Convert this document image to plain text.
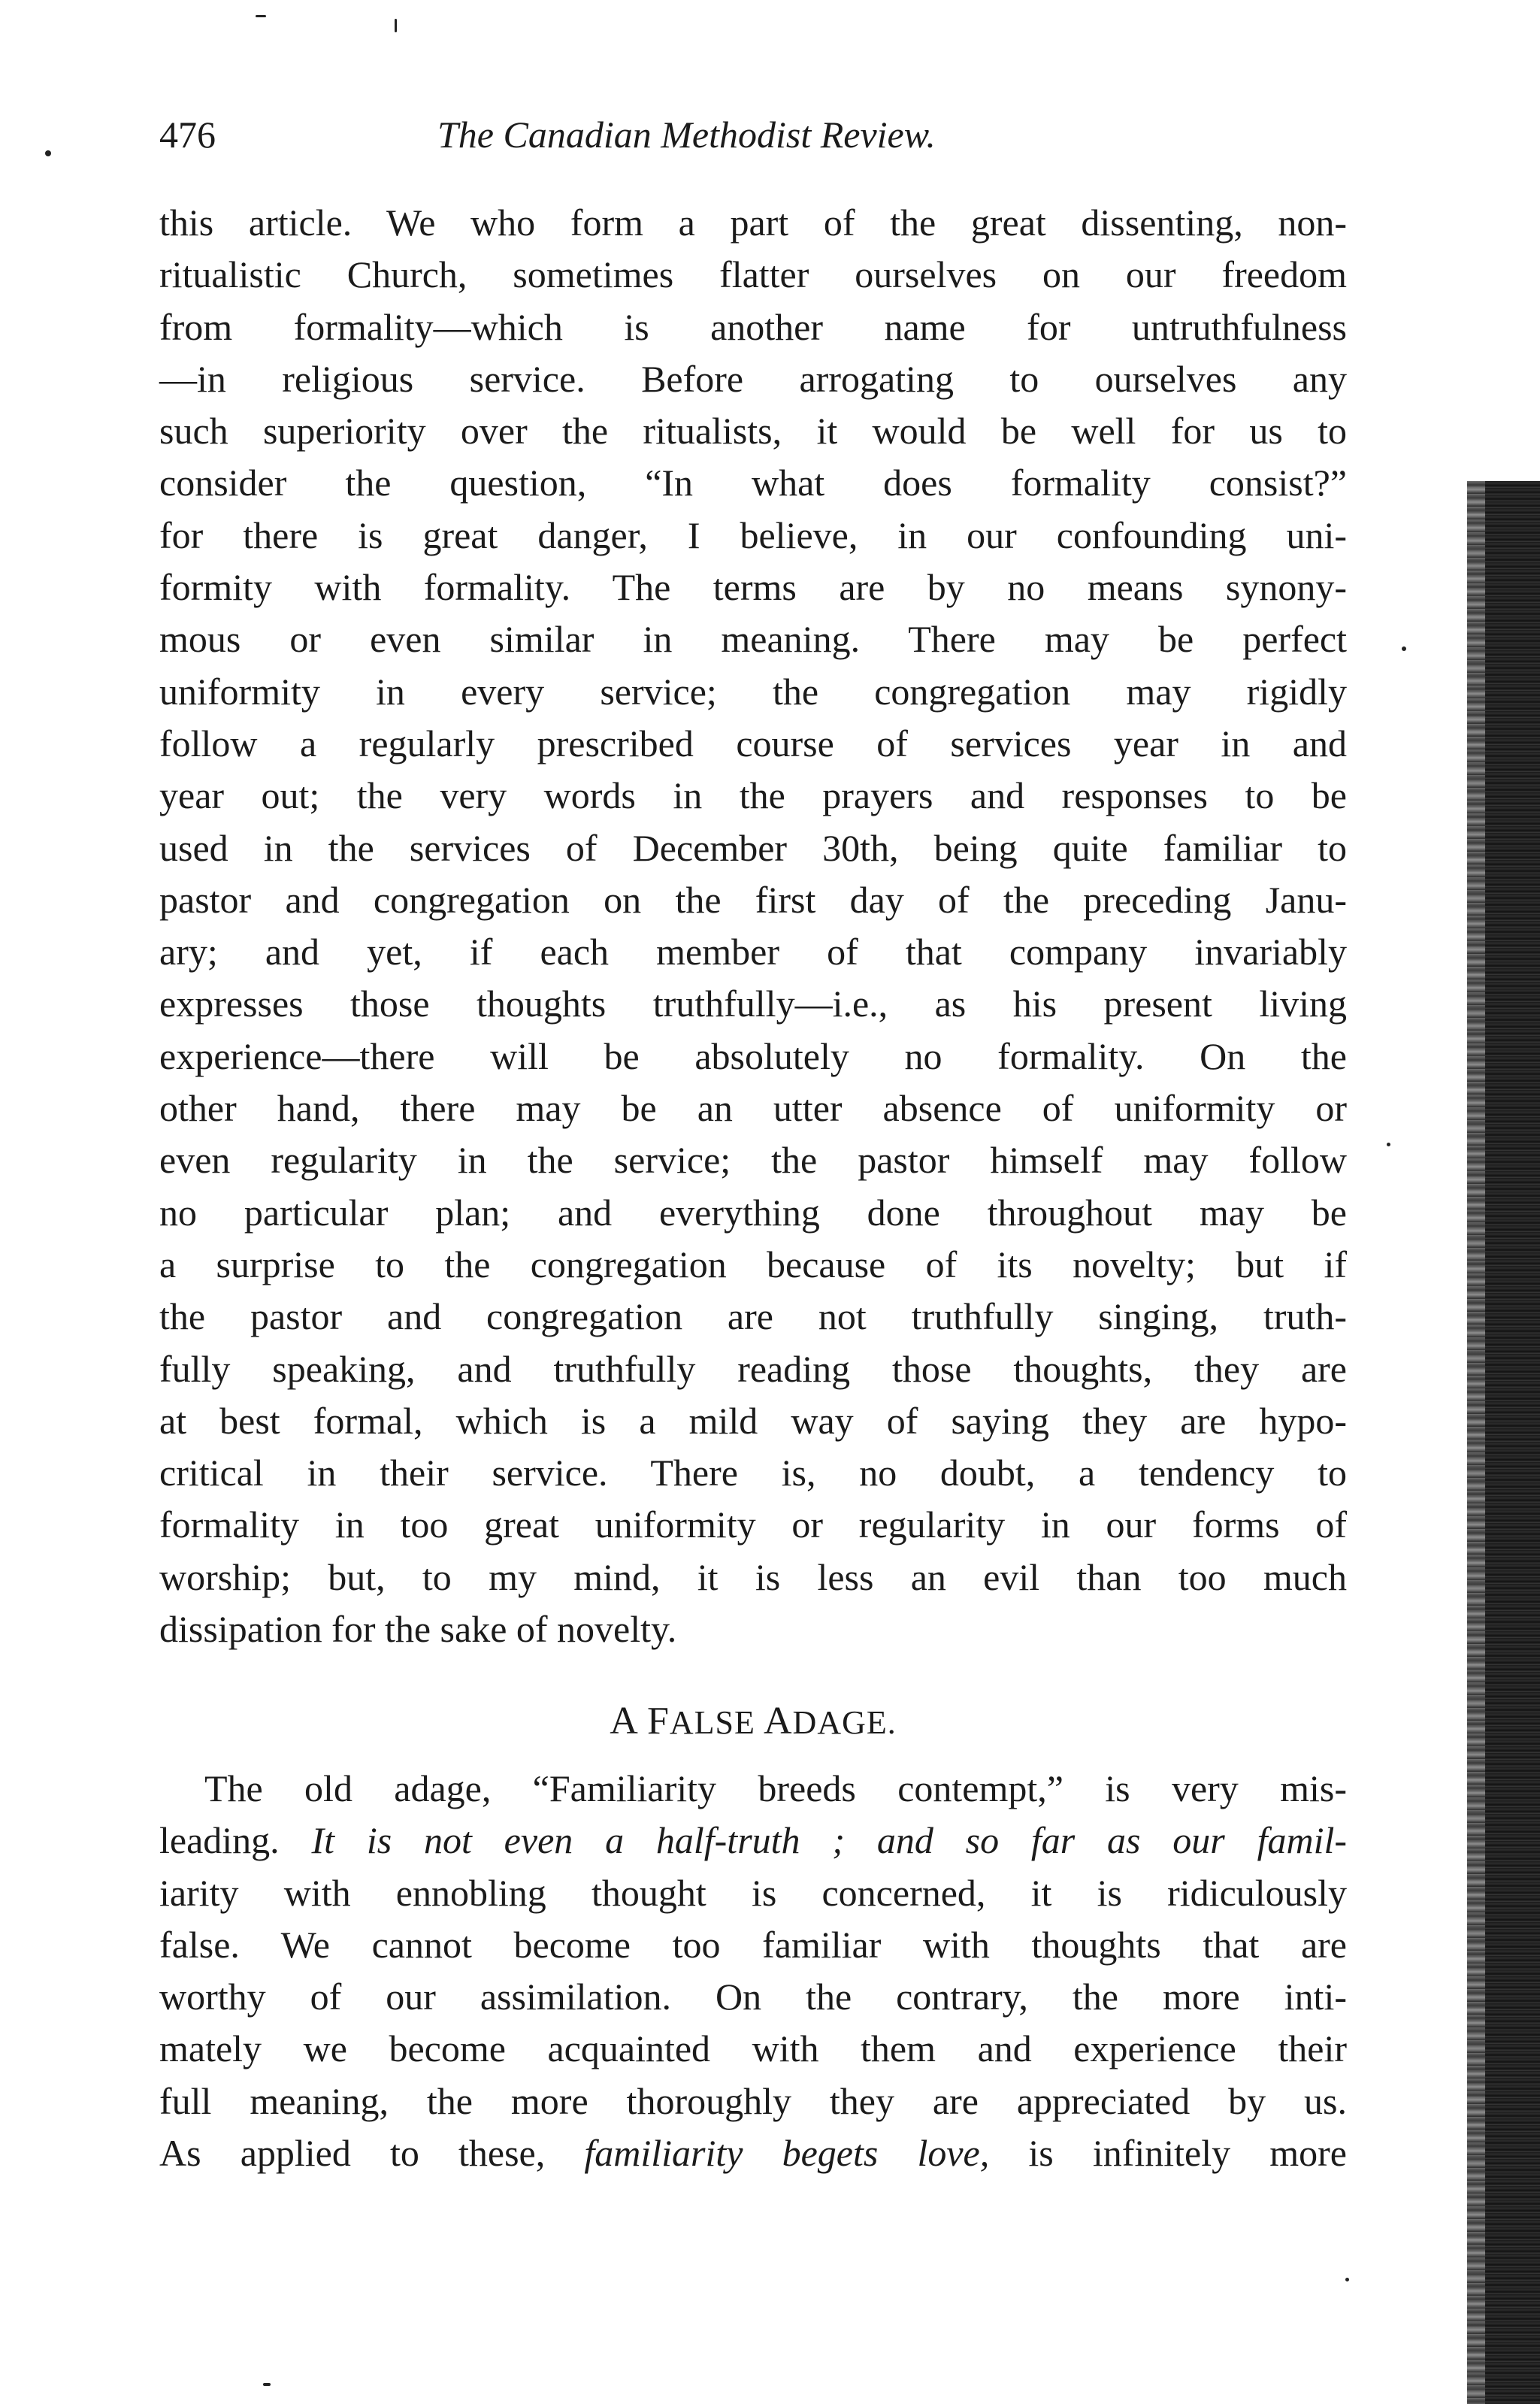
476	The Canadian Methodist Review.
this article. We who form a part of the great dissenting, non-
ritualistic Church, sometimes flatter ourselves on our freedom
from formality—which is another name for untruthfulness
—in religious service. Before arrogating to ourselves any
such superiority over the ritualists, it would be well for us to
consider the question, “In what does formality consist?”
for there is great danger, I believe, in our confounding uni-
formity with formality. The terms are by no means synony-
mous or even similar in meaning. There may be perfect
uniformity in every service; the congregation may rigidly
follow a regularly prescribed course of services year in and
year out; the very words in the prayers and responses to be
used in the services of December 30th, being quite familiar to
pastor and congregation on the first day of the preceding Janu-
ary; and yet, if each member of that company invariably
expresses those thoughts truthfully—i.e., as his present living
experience—there will be absolutely no formality. On the
other hand, there may be an utter absence of uniformity or
even regularity in the service; the pastor himself may follow
no particular plan; and everything done throughout may be
a surprise to the congregation because of its novelty; but if
the pastor and congregation are not truthfully singing, truth-
fully speaking, and truthfully reading those thoughts, they are
at best formal, which is a mild way of saying they are hypo-
critical in their service. There is, no doubt, a tendency to
formality in too great uniformity or regularity in our forms of
worship; but, to my mind, it is less an evil than too much
dissipation for the sake of novelty.
A FALSE ADAGE.
The old adage, “Familiarity breeds contempt,” is very mis-
leading. It is not even a half-truth ; and so far as our famil-
iarity with ennobling thought is concerned, it is ridiculously
false. We cannot become too familiar with thoughts that are
worthy of our assimilation. On the contrary, the more inti-
mately we become acquainted with them and experience their
full meaning, the more thoroughly they are appreciated by us.
As applied to these, familiarity begets love, is infinitely more
